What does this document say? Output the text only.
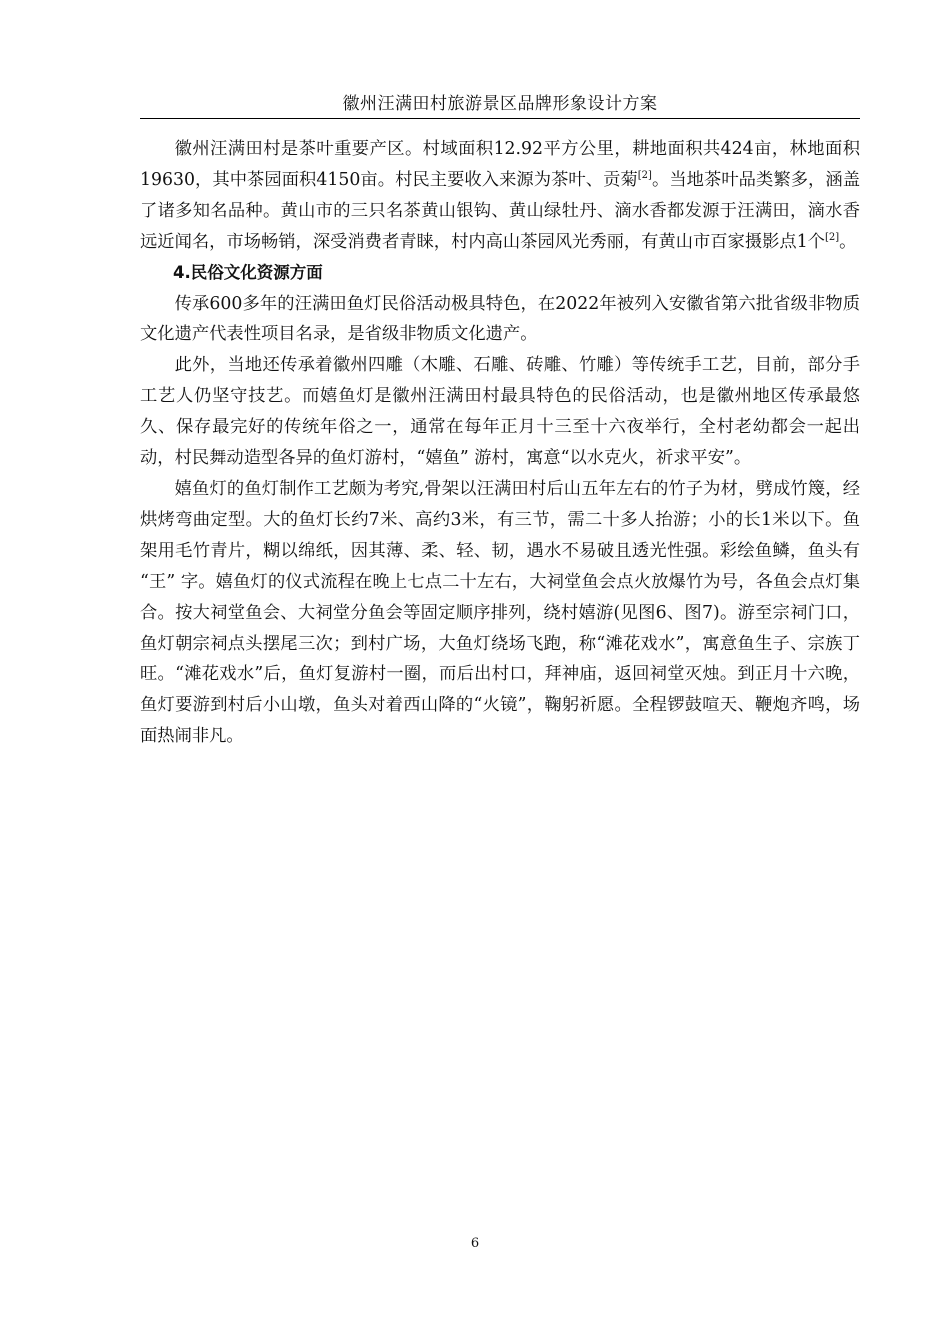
徽州汪满田村旅游景区品牌形象设计方案

徽州汪满田村是茶叶重要产区。村域面积12.92平方公里，耕地面积共424亩，林地面积19630，其中茶园面积4150亩。村民主要收入来源为茶叶、贡菊[2]。当地茶叶品类繁多，涵盖了诸多知名品种。黄山市的三只名茶黄山银钩、黄山绿牡丹、滴水香都发源于汪满田，滴水香远近闻名，市场畅销，深受消费者青睐，村内高山茶园风光秀丽，有黄山市百家摄影点1个[2]。

4.民俗文化资源方面

传承600多年的汪满田鱼灯民俗活动极具特色，在2022年被列入安徽省第六批省级非物质文化遗产代表性项目名录，是省级非物质文化遗产。

此外，当地还传承着徽州四雕（木雕、石雕、砖雕、竹雕）等传统手工艺，目前，部分手工艺人仍坚守技艺。而嬉鱼灯是徽州汪满田村最具特色的民俗活动，也是徽州地区传承最悠久、保存最完好的传统年俗之一，通常在每年正月十三至十六夜举行，全村老幼都会一起出动，村民舞动造型各异的鱼灯游村，“嬉鱼” 游村，寓意“以水克火，祈求平安”。

嬉鱼灯的鱼灯制作工艺颇为考究,骨架以汪满田村后山五年左右的竹子为材，劈成竹篾，经烘烤弯曲定型。大的鱼灯长约7米、高约3米，有三节，需二十多人抬游；小的长1米以下。鱼架用毛竹青片，糊以绵纸，因其薄、柔、轻、韧，遇水不易破且透光性强。彩绘鱼鳞，鱼头有 “王” 字。嬉鱼灯的仪式流程在晚上七点二十左右，大祠堂鱼会点火放爆竹为号，各鱼会点灯集合。按大祠堂鱼会、大祠堂分鱼会等固定顺序排列，绕村嬉游(见图6、图7)。游至宗祠门口，鱼灯朝宗祠点头摆尾三次；到村广场，大鱼灯绕场飞跑，称“滩花戏水”，寓意鱼生子、宗族丁旺。“滩花戏水”后，鱼灯复游村一圈，而后出村口，拜神庙，返回祠堂灭烛。到正月十六晚，鱼灯要游到村后小山墩，鱼头对着西山降的“火镜”，鞠躬祈愿。全程锣鼓喧天、鞭炮齐鸣，场面热闹非凡。

6
